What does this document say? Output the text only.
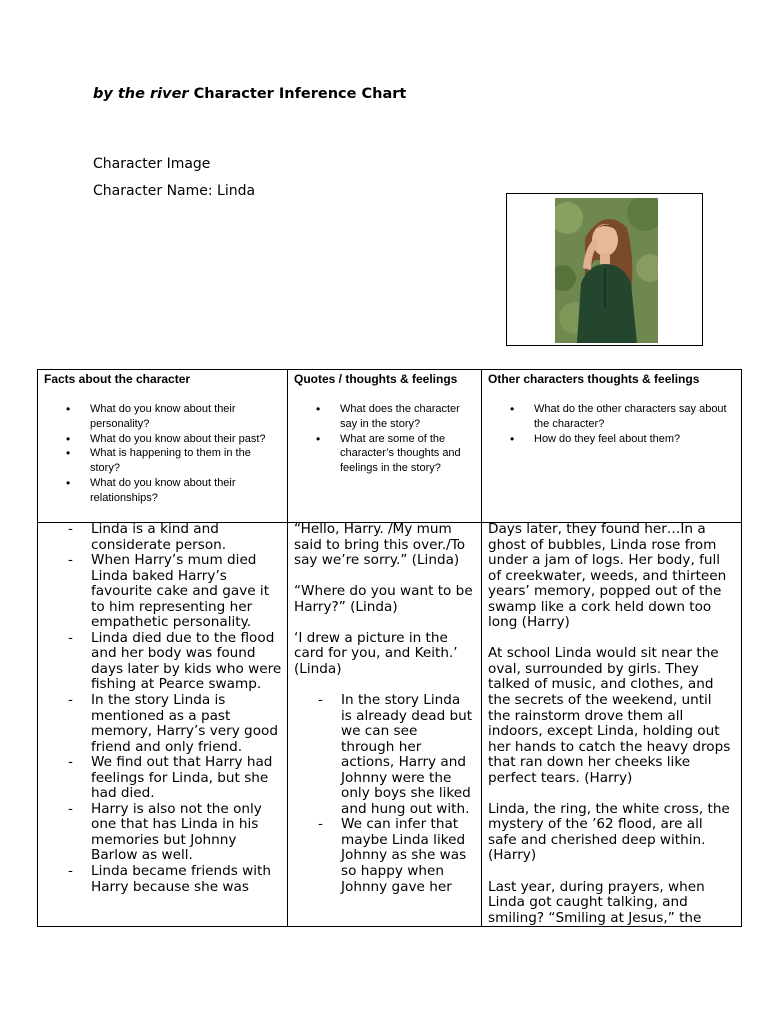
by the river Character Inference Chart
Character Image
Character Name: Linda
Facts about the character
• What do you know about their personality?
• What do you know about their past?
• What is happening to them in the story?
• What do you know about their relationships?
Quotes / thoughts & feelings
• What does the character say in the story?
• What are some of the character’s thoughts and feelings in the story?
Other characters thoughts & feelings
• What do the other characters say about the character?
• How do they feel about them?
- Linda is a kind and considerate person.
- When Harry’s mum died Linda baked Harry’s favourite cake and gave it to him representing her empathetic personality.
- Linda died due to the flood and her body was found days later by kids who were fishing at Pearce swamp.
- In the story Linda is mentioned as a past memory, Harry’s very good friend and only friend.
- We find out that Harry had feelings for Linda, but she had died.
- Harry is also not the only one that has Linda in his memories but Johnny Barlow as well.
- Linda became friends with Harry because she was

“Hello, Harry. /My mum said to bring this over./To say we’re sorry.” (Linda)

“Where do you want to be Harry?” (Linda)

‘I drew a picture in the card for you, and Keith.’ (Linda)

- In the story Linda is already dead but we can see through her actions, Harry and Johnny were the only boys she liked and hung out with.
- We can infer that maybe Linda liked Johnny as she was so happy when Johnny gave her

Days later, they found her…In a ghost of bubbles, Linda rose from under a jam of logs. Her body, full of creekwater, weeds, and thirteen years’ memory, popped out of the swamp like a cork held down too long (Harry)

At school Linda would sit near the oval, surrounded by girls. They talked of music, and clothes, and the secrets of the weekend, until the rainstorm drove them all indoors, except Linda, holding out her hands to catch the heavy drops that ran down her cheeks like perfect tears. (Harry)

Linda, the ring, the white cross, the mystery of the ’62 flood, are all safe and cherished deep within. (Harry)

Last year, during prayers, when Linda got caught talking, and smiling? “Smiling at Jesus,” the
